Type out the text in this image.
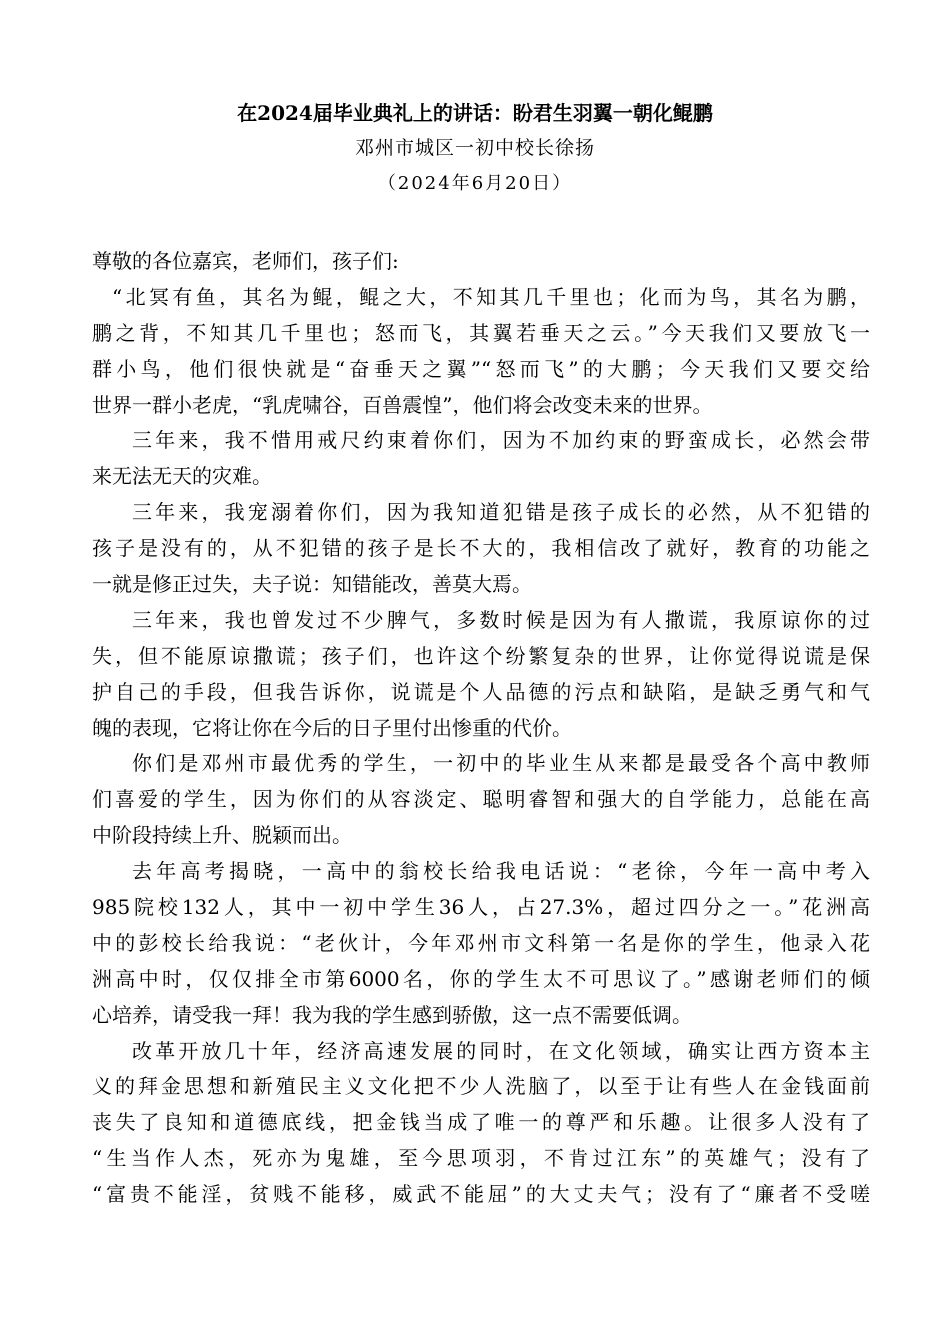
在2024届毕业典礼上的讲话：盼君生羽翼一朝化鲲鹏
邓州市城区一初中校长徐扬
（2024年6月20日）
尊敬的各位嘉宾，老师们，孩子们:
“北冥有鱼，其名为鲲，鲲之大，不知其几千里也；化而为鸟，其名为鹏，
鹏之背，不知其几千里也；怒而飞，其翼若垂天之云。”今天我们又要放飞一
群小鸟，他们很快就是“奋垂天之翼”“怒而飞”的大鹏；今天我们又要交给
世界一群小老虎，“乳虎啸谷，百兽震惶”，他们将会改变未来的世界。
三年来，我不惜用戒尺约束着你们，因为不加约束的野蛮成长，必然会带
来无法无天的灾难。
三年来，我宠溺着你们，因为我知道犯错是孩子成长的必然，从不犯错的
孩子是没有的，从不犯错的孩子是长不大的，我相信改了就好，教育的功能之
一就是修正过失，夫子说：知错能改，善莫大焉。
三年来，我也曾发过不少脾气，多数时候是因为有人撒谎，我原谅你的过
失，但不能原谅撒谎；孩子们，也许这个纷繁复杂的世界，让你觉得说谎是保
护自己的手段，但我告诉你，说谎是个人品德的污点和缺陷，是缺乏勇气和气
魄的表现，它将让你在今后的日子里付出惨重的代价。
你们是邓州市最优秀的学生，一初中的毕业生从来都是最受各个高中教师
们喜爱的学生，因为你们的从容淡定、聪明睿智和强大的自学能力，总能在高
中阶段持续上升、脱颖而出。
去年高考揭晓，一高中的翁校长给我电话说：“老徐，今年一高中考入
985院校132人，其中一初中学生36人，占27.3%，超过四分之一。”花洲高
中的彭校长给我说：“老伙计，今年邓州市文科第一名是你的学生，他录入花
洲高中时，仅仅排全市第6000名，你的学生太不可思议了。”感谢老师们的倾
心培养，请受我一拜！我为我的学生感到骄傲，这一点不需要低调。
改革开放几十年，经济高速发展的同时，在文化领域，确实让西方资本主
义的拜金思想和新殖民主义文化把不少人洗脑了，以至于让有些人在金钱面前
丧失了良知和道德底线，把金钱当成了唯一的尊严和乐趣。让很多人没有了
“生当作人杰，死亦为鬼雄，至今思项羽，不肯过江东”的英雄气；没有了
“富贵不能淫，贫贱不能移，威武不能屈”的大丈夫气；没有了“廉者不受嗟
